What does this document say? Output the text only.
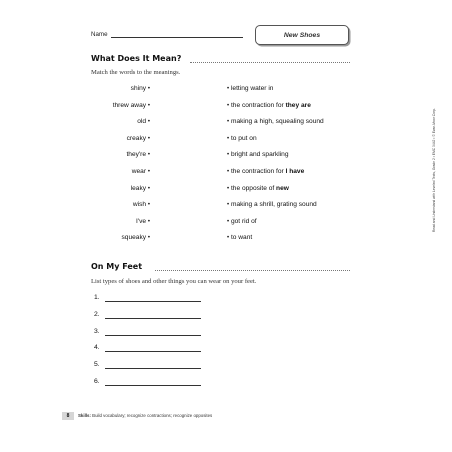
Name	New Shoes
What Does It Mean?
Match the words to the meanings.
shiny •
threw away •
old •
creaky •
they're •
wear •
leaky •
wish •
I've •
squeaky •
• letting water in
• the contraction for they are
• making a high, squealing sound
• to put on
• bright and sparkling
• the contraction for I have
• the opposite of new
• making a shrill, grating sound
• got rid of
• to want
On My Feet
List types of shoes and other things you can wear on your feet.
1.
2.
3.
4.
5.
6.
Read and Understand with Leveled Texts, Grade 2 • EMC 3442 • © Evan-Moor Corp.
8	Skills: Build vocabulary; recognize contractions; recognize opposites
